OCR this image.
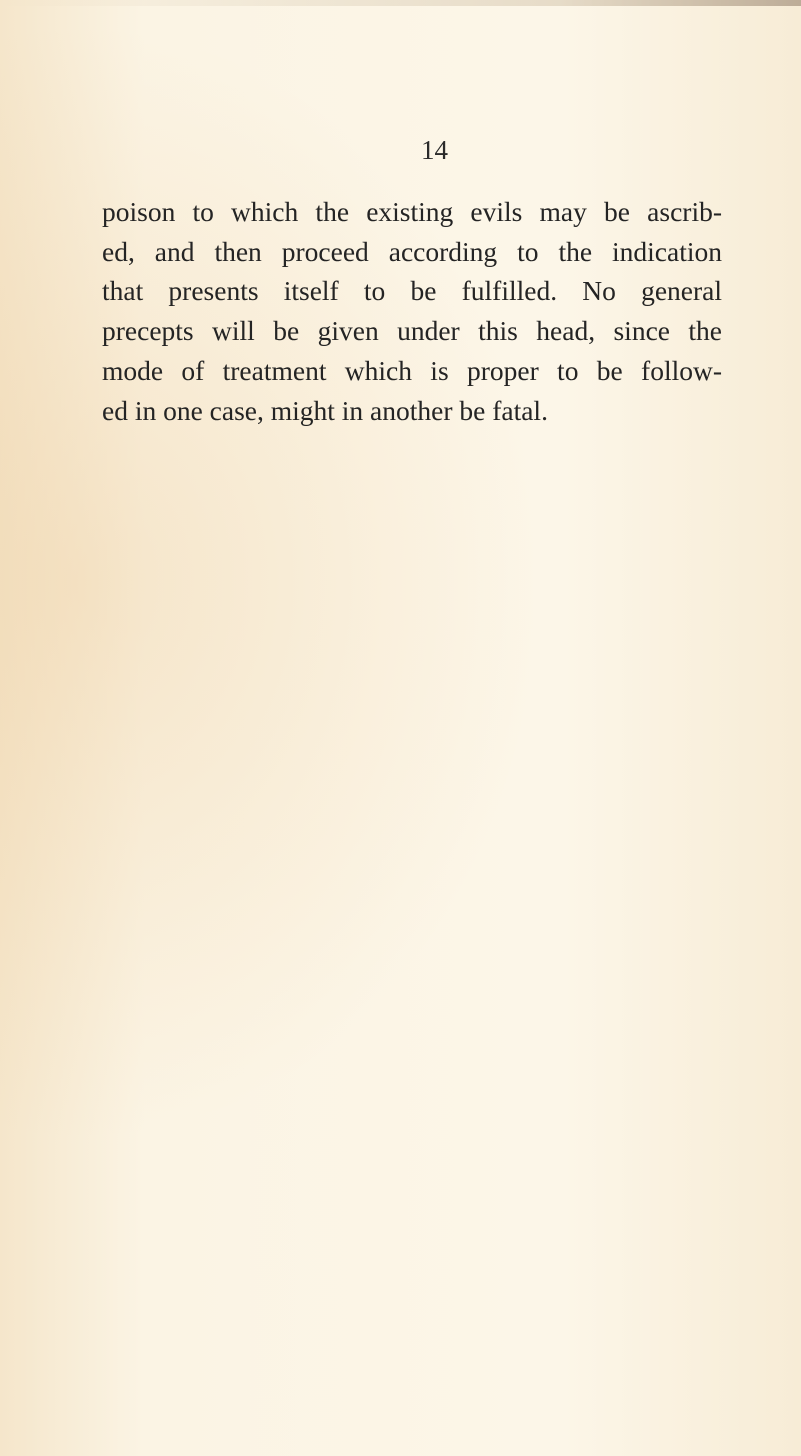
14
poison to which the existing evils may be ascrib-
ed, and then proceed according to the indication
that presents itself to be fulfilled. No general
precepts will be given under this head, since the
mode of treatment which is proper to be follow-
ed in one case, might in another be fatal.
